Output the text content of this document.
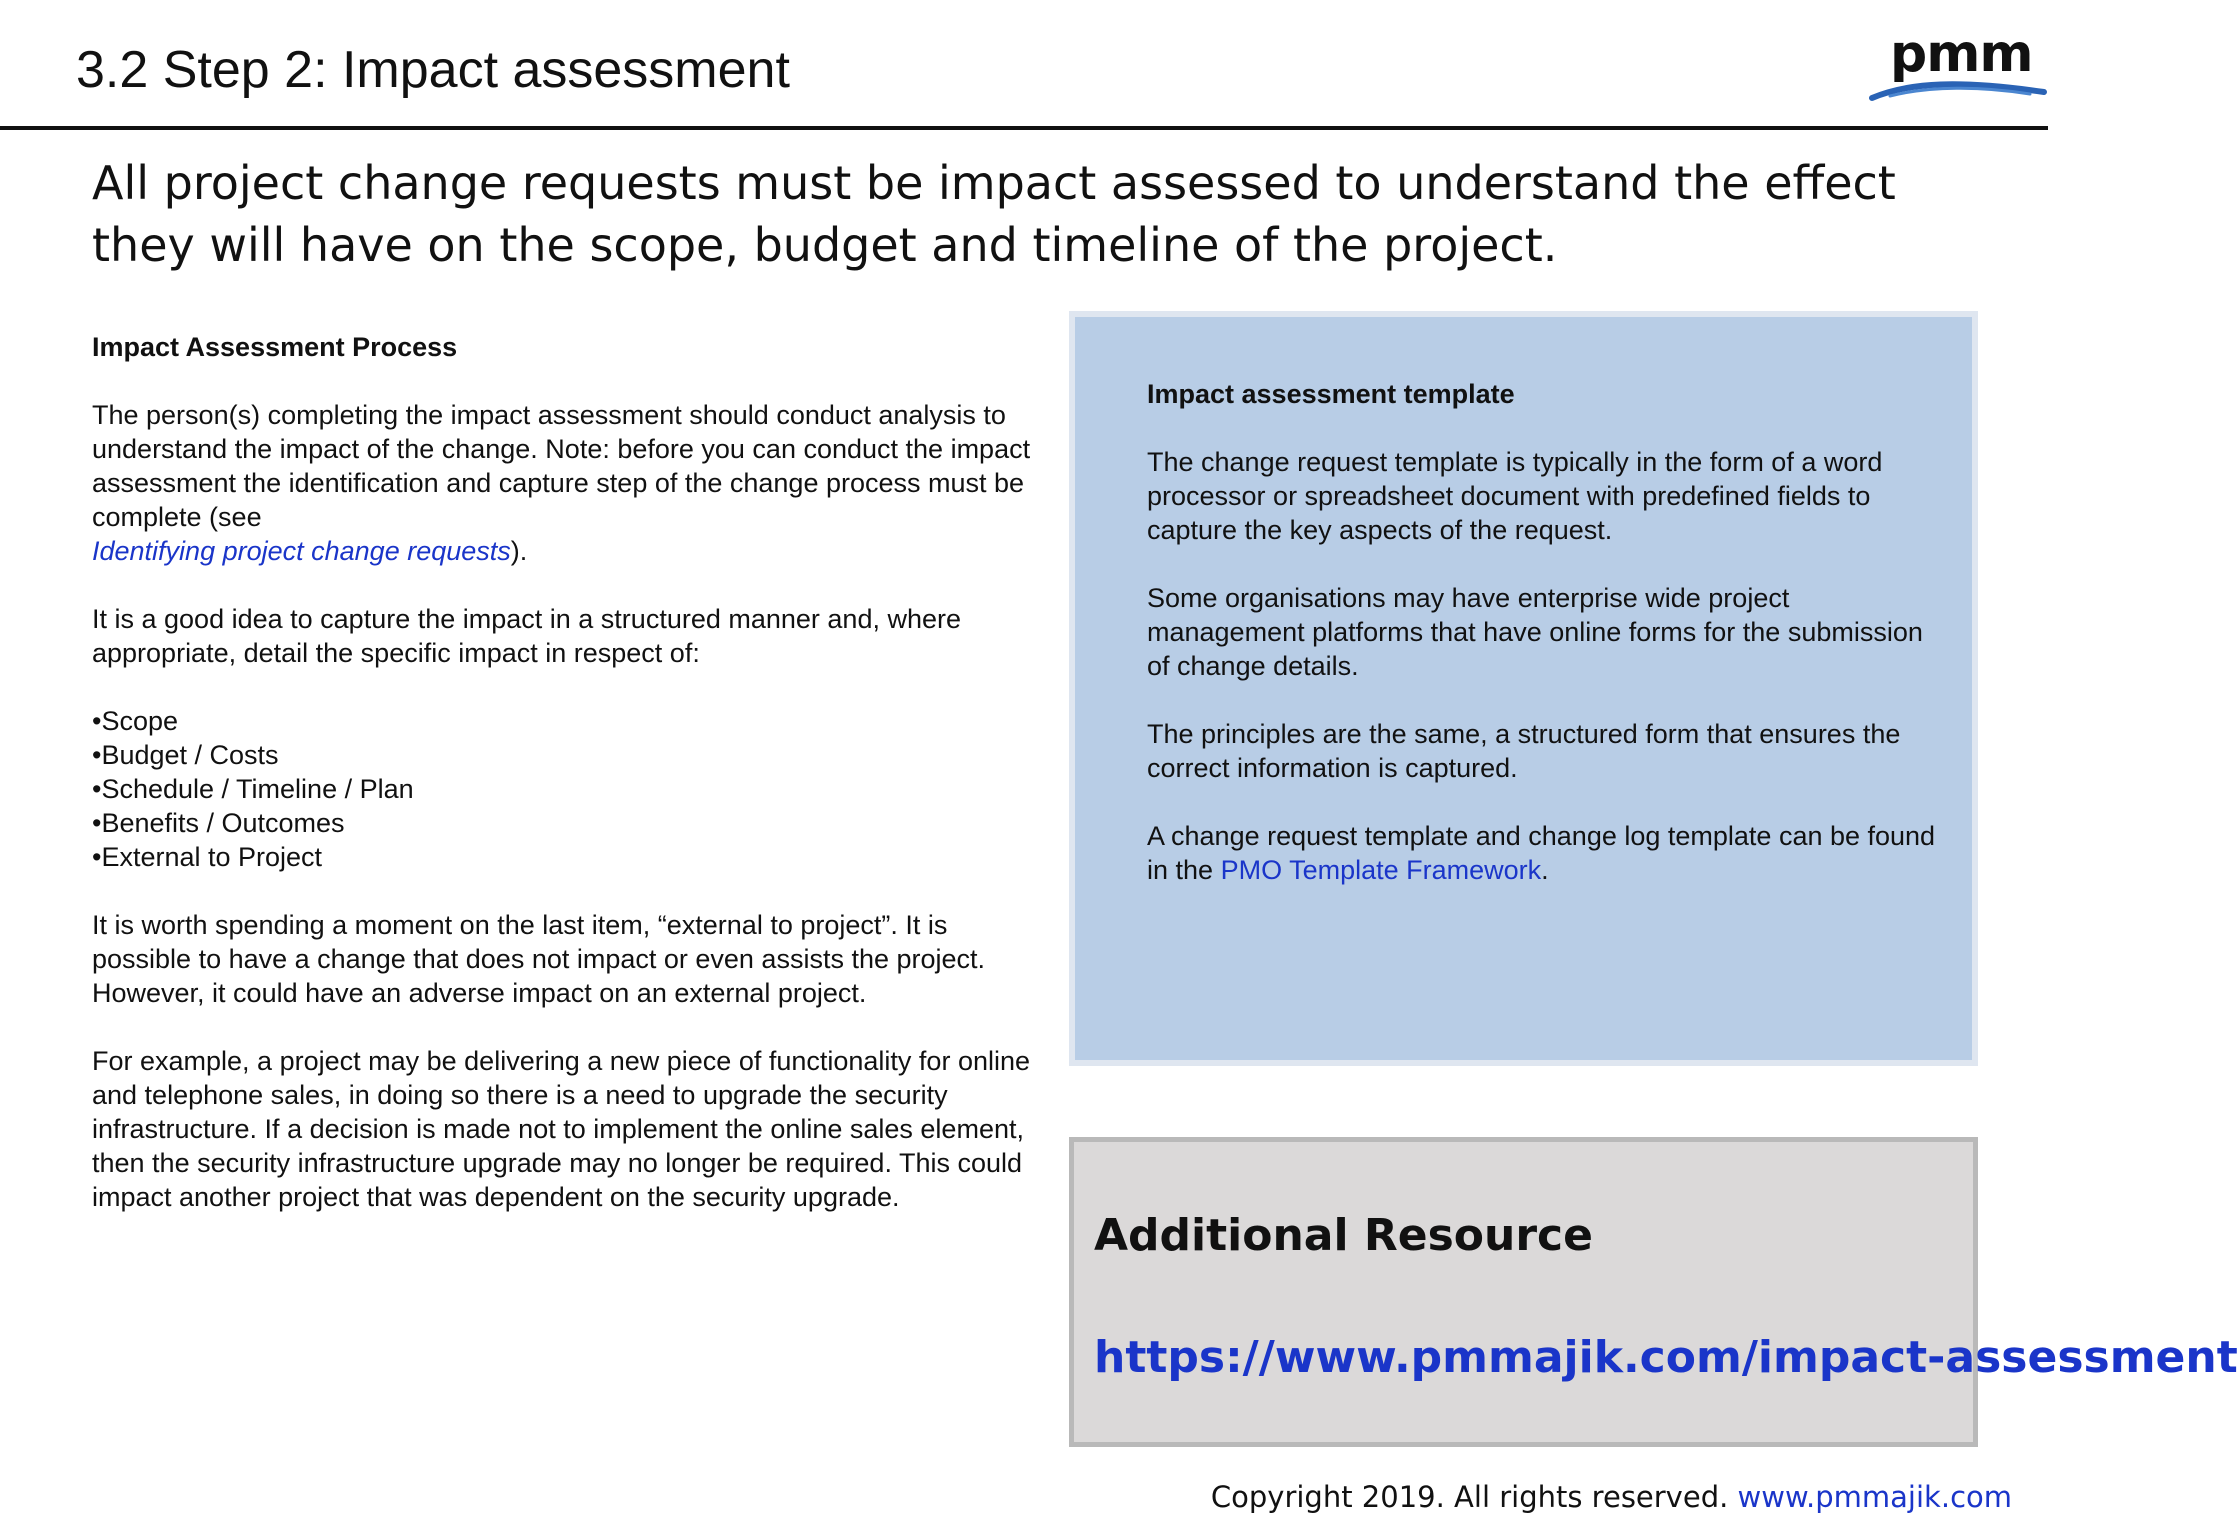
3.2 Step 2: Impact assessment	pmm

All project change requests must be impact assessed to understand the effect they will have on the scope, budget and timeline of the project.

Impact Assessment Process

The person(s) completing the impact assessment should conduct analysis to understand the impact of the change. Note: before you can conduct the impact assessment the identification and capture step of the change process must be complete (see
Identifying project change requests).

It is a good idea to capture the impact in a structured manner and, where appropriate, detail the specific impact in respect of:

•Scope
•Budget / Costs
•Schedule / Timeline / Plan
•Benefits / Outcomes
•External to Project

It is worth spending a moment on the last item, “external to project”. It is possible to have a change that does not impact or even assists the project. However, it could have an adverse impact on an external project.

For example, a project may be delivering a new piece of functionality for online and telephone sales, in doing so there is a need to upgrade the security infrastructure. If a decision is made not to implement the online sales element, then the security infrastructure upgrade may no longer be required. This could impact another project that was dependent on the security upgrade.

Impact assessment template

The change request template is typically in the form of a word processor or spreadsheet document with predefined fields to capture the key aspects of the request.

Some organisations may have enterprise wide project management platforms that have online forms for the submission of change details.

The principles are the same, a structured form that ensures the correct information is captured.

A change request template and change log template can be found in the PMO Template Framework.

Additional Resource
https://www.pmmajik.com/impact-assessment
Copyright 2019. All rights reserved. www.pmmajik.com
